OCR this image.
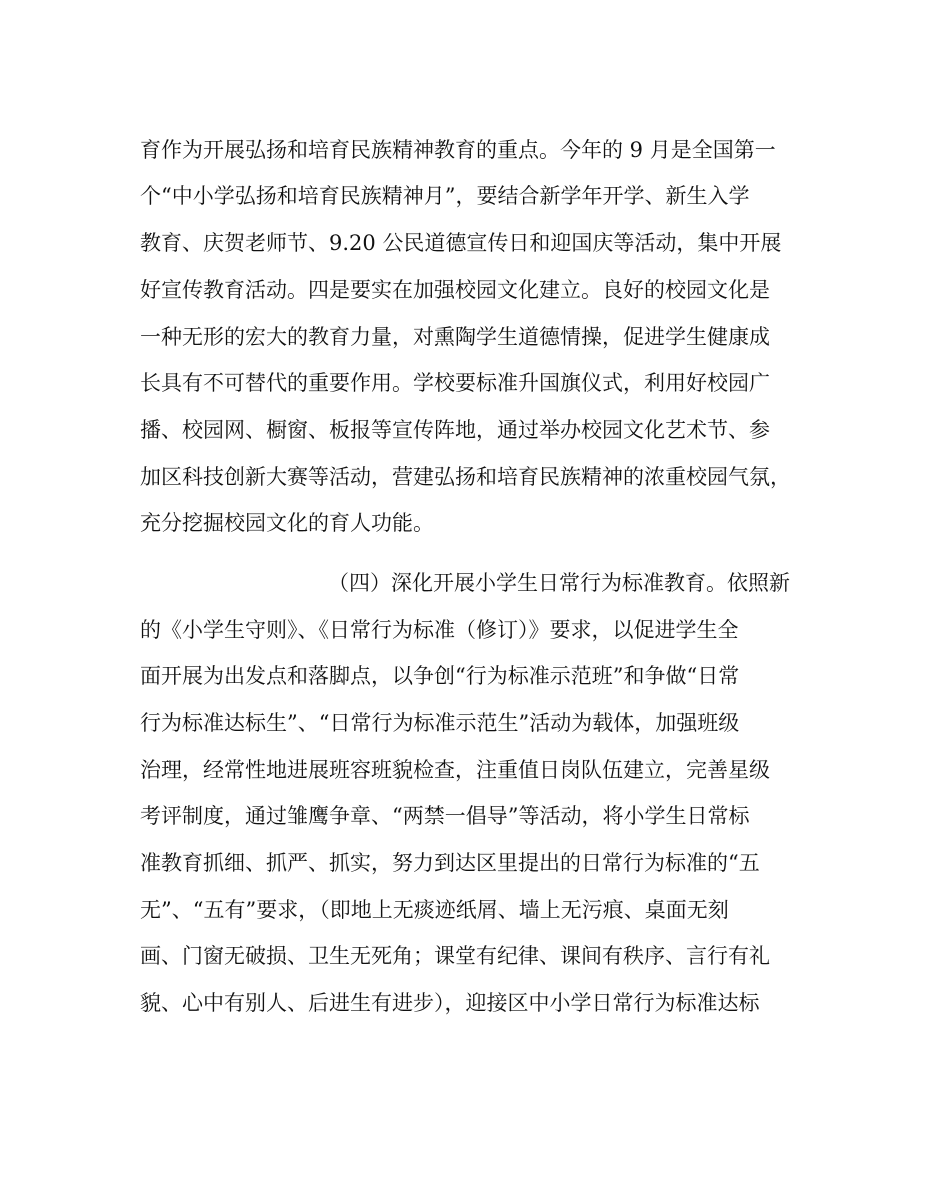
育作为开展弘扬和培育民族精神教育的重点。今年的 9 月是全国第一
个“中小学弘扬和培育民族精神月”，要结合新学年开学、新生入学
教育、庆贺老师节、9.20 公民道德宣传日和迎国庆等活动，集中开展
好宣传教育活动。四是要实在加强校园文化建立。良好的校园文化是
一种无形的宏大的教育力量，对熏陶学生道德情操，促进学生健康成
长具有不可替代的重要作用。学校要标准升国旗仪式，利用好校园广
播、校园网、橱窗、板报等宣传阵地，通过举办校园文化艺术节、参
加区科技创新大赛等活动，营建弘扬和培育民族精神的浓重校园气氛，
充分挖掘校园文化的育人功能。
（四）深化开展小学生日常行为标准教育。依照新
的《小学生守则》、《日常行为标准（修订）》要求，以促进学生全
面开展为出发点和落脚点，以争创“行为标准示范班”和争做“日常
行为标准达标生”、“日常行为标准示范生”活动为载体，加强班级
治理，经常性地进展班容班貌检查，注重值日岗队伍建立，完善星级
考评制度，通过雏鹰争章、“两禁一倡导”等活动，将小学生日常标
准教育抓细、抓严、抓实，努力到达区里提出的日常行为标准的“五
无”、“五有”要求，（即地上无痰迹纸屑、墙上无污痕、桌面无刻
画、门窗无破损、卫生无死角；课堂有纪律、课间有秩序、言行有礼
貌、心中有别人、后进生有进步），迎接区中小学日常行为标准达标
